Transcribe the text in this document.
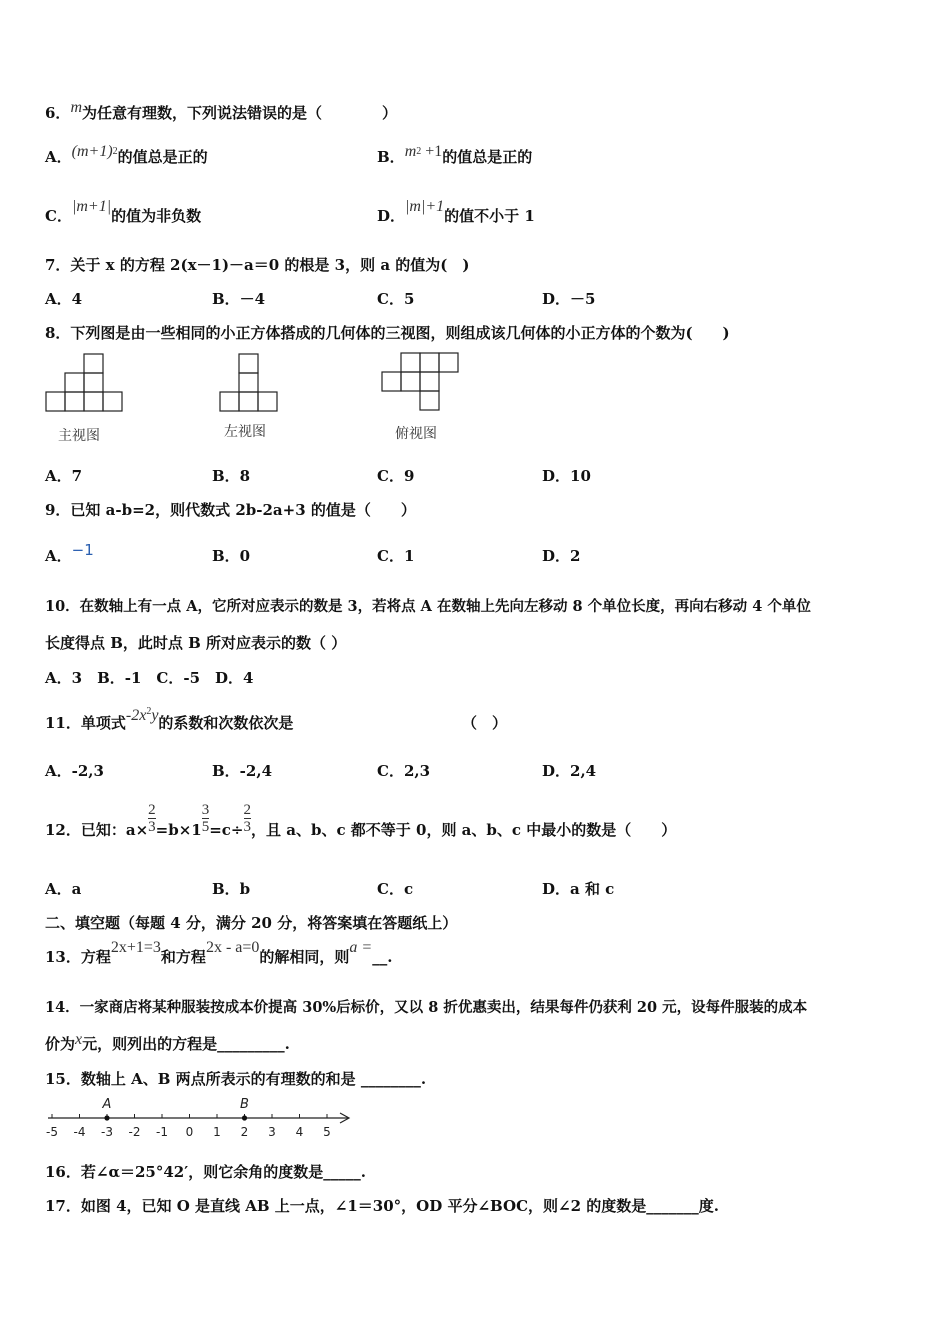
6．m为任意有理数，下列说法错误的是（　　　　）
A．$(m+1)^2$的值总是正的	B．$m^2 +1$的值总是正的
C．|m+1|的值为非负数	D．|m|+1的值不小于 1
7．关于 x 的方程 2(x－1)－a＝0 的根是 3，则 a 的值为(　)
A．4	B．－4	C．5	D．－5
8．下列图是由一些相同的小正方体搭成的几何体的三视图，则组成该几何体的小正方体的个数为(　　)
主视图	左视图	俯视图
A．7	B．8	C．9	D．10
9．已知 a-b=2，则代数式 2b-2a+3 的值是（　　）
A．−1	B．0	C．1	D．2
10．在数轴上有一点 A，它所对应表示的数是 3，若将点 A 在数轴上先向左移动 8 个单位长度，再向右移动 4 个单位
长度得点 B，此时点 B 所对应表示的数（ ）
A．3　B．-1　C．-5　D．4
11．单项式$-2x^2y$的系数和次数依次是	（　）
A．-2,3	B．-2,4	C．2,3	D．2,4
12．已知：$a\times\frac{2}{3} =b\times 1\frac{3}{5} =c\div\frac{2}{3}$ ，且 a、b、c 都不等于 0，则 a、b、c 中最小的数是（　　）
A．a	B．b	C．c	D．a 和 c
二、填空题（每题 4 分，满分 20 分，将答案填在答题纸上）
13．方程2x+1=3和方程2x - a=0的解相同，则a =__.
14．一家商店将某种服装按成本价提高 30%后标价，又以 8 折优惠卖出，结果每件仍获利 20 元，设每件服装的成本
价为x元，则列出的方程是_________.
15．数轴上 A、B 两点所表示的有理数的和是 ________.
-5 -4 -3 -2 -1 0 1 2 3 4 5
A	B
16．若∠α＝25°42′，则它余角的度数是_____.
17．如图 4，已知 O 是直线 AB 上一点，∠1＝30°，OD 平分∠BOC，则∠2 的度数是_______度.
